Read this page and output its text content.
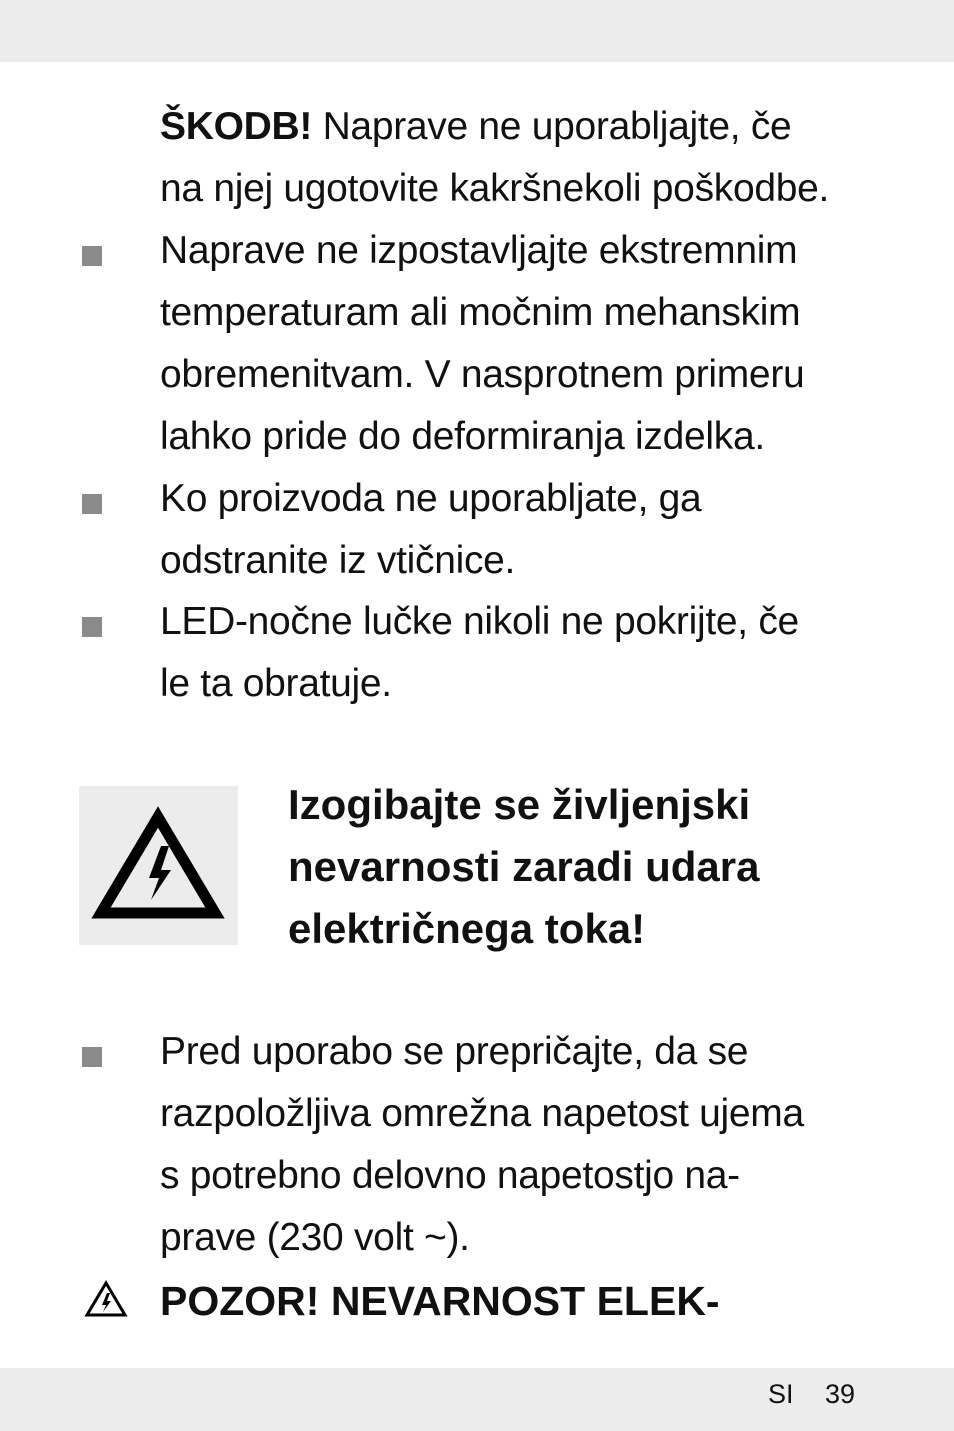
ŠKODB! Naprave ne uporabljajte, če
na njej ugotovite kakršnekoli poškodbe.
Naprave ne izpostavljajte ekstremnim
temperaturam ali močnim mehanskim
obremenitvam. V nasprotnem primeru
lahko pride do deformiranja izdelka.
Ko proizvoda ne uporabljate, ga
odstranite iz vtičnice.
LED-nočne lučke nikoli ne pokrijte, če
le ta obratuje.
Izogibajte se življenjski
nevarnosti zaradi udara
električnega toka!
Pred uporabo se prepričajte, da se
razpoložljiva omrežna napetost ujema
s potrebno delovno napetostjo na-
prave (230 volt ~).
POZOR! NEVARNOST ELEK-
SI 39
